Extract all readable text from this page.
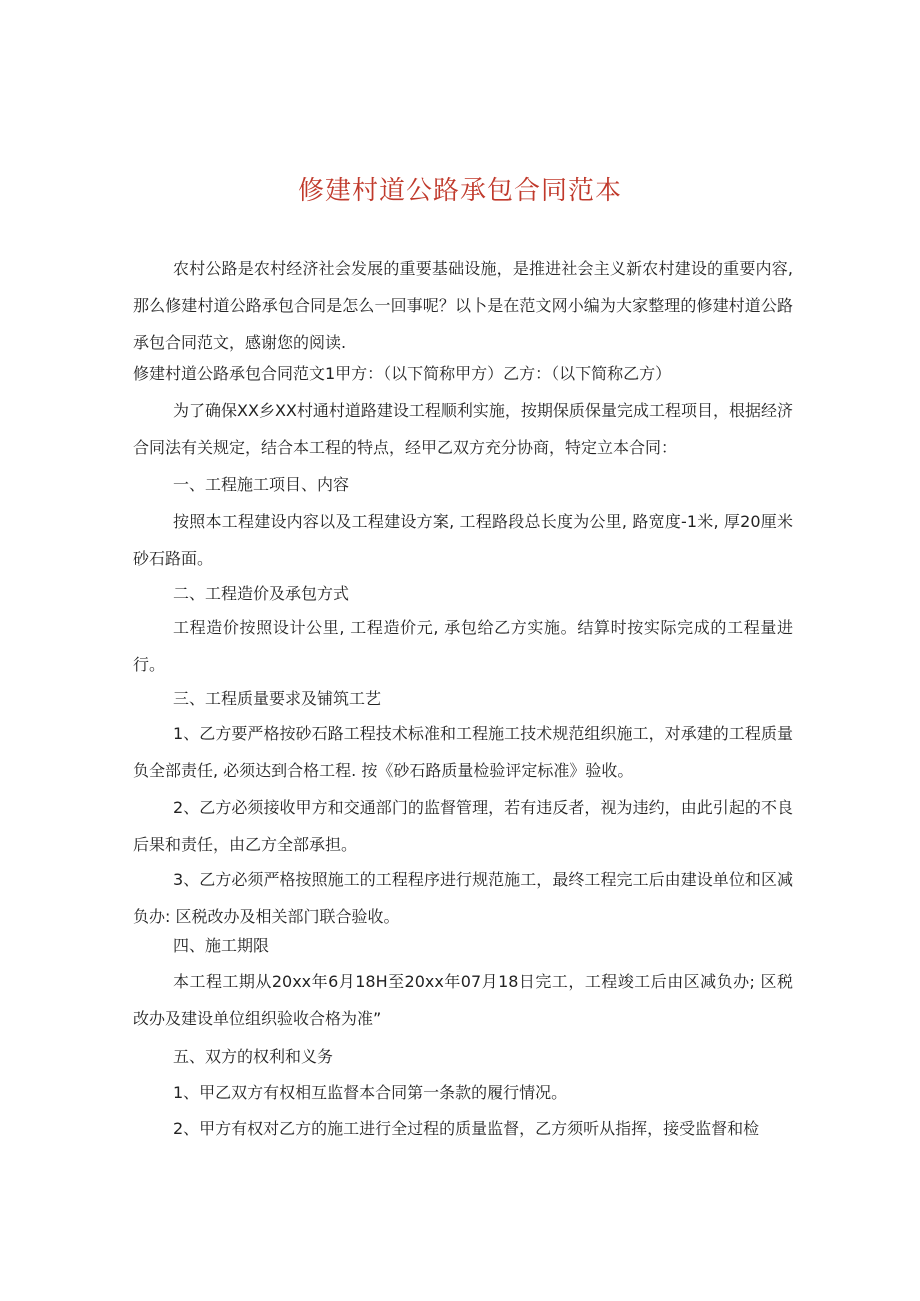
修建村道公路承包合同范本
农村公路是农村经济社会发展的重要基础设施，是推进社会主义新农村建设的重要内容, 那么修建村道公路承包合同是怎么一回事呢？以卜是在范文网小编为大家整理的修建村道公路承包合同范文，感谢您的阅读.
修建村道公路承包合同范文1甲方：（以下简称甲方）乙方：（以下简称乙方）
为了确保XX乡XX村通村道路建设工程顺利实施，按期保质保量完成工程项目，根据经济合同法有关规定，结合本工程的特点，经甲乙双方充分协商，特定立本合同：
一、工程施工项目、内容
按照本工程建设内容以及工程建设方案, 工程路段总长度为公里, 路宽度-1米, 厚20厘米砂石路面。
二、工程造价及承包方式
工程造价按照设计公里, 工程造价元, 承包给乙方实施。结算时按实际完成的工程量进行。
三、工程质量要求及铺筑工艺
1、乙方要严格按砂石路工程技术标准和工程施工技术规范组织施工，对承建的工程质量负全部责任, 必须达到合格工程. 按《砂石路质量检验评定标准》验收。
2、乙方必须接收甲方和交通部门的监督管理，若有违反者，视为违约，由此引起的不良后果和责任，由乙方全部承担。
3、乙方必须严格按照施工的工程程序进行规范施工，最终工程完工后由建设单位和区减负办: 区税改办及相关部门联合验收。
四、施工期限
本工程工期从20xx年6月18H至20xx年07月18日完工，工程竣工后由区减负办; 区税改办及建设单位组织验收合格为准”
五、双方的权利和义务
1、甲乙双方有权相互监督本合同第一条款的履行情况。
2、甲方有权对乙方的施工进行全过程的质量监督，乙方须听从指挥，接受监督和检
